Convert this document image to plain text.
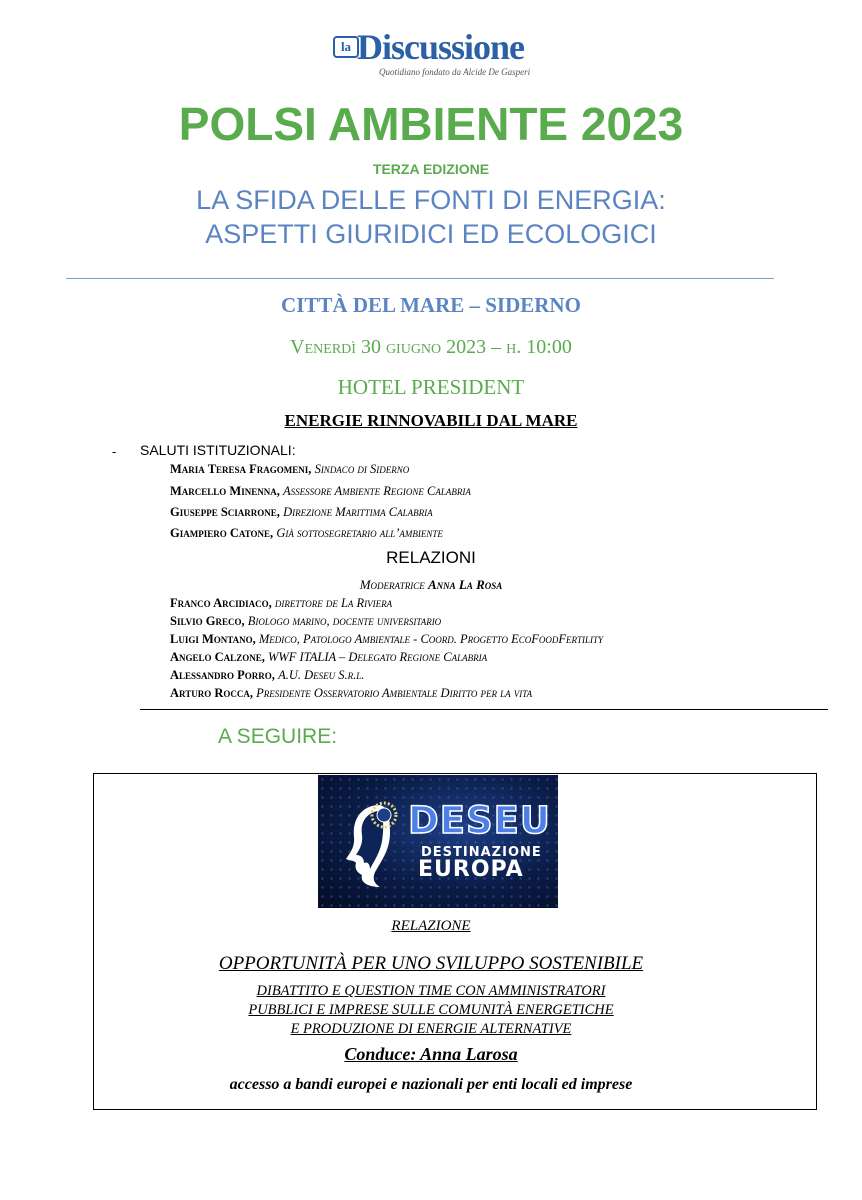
la Discussione
Quotidiano fondato da Alcide De Gasperi
POLSI AMBIENTE 2023
TERZA EDIZIONE
LA SFIDA DELLE FONTI DI ENERGIA:
ASPETTI GIURIDICI ED ECOLOGICI
CITTÀ DEL MARE – SIDERNO
Venerdì 30 giugno 2023 – h. 10:00
HOTEL PRESIDENT
ENERGIE RINNOVABILI DAL MARE
- SALUTI ISTITUZIONALI:
Maria Teresa Fragomeni, Sindaco di Siderno
Marcello Minenna, Assessore Ambiente Regione Calabria
Giuseppe Sciarrone, Direzione Marittima Calabria
Giampiero Catone, Già sottosegretario all’ambiente
RELAZIONI
Moderatrice Anna La Rosa
Franco Arcidiaco, direttore de La Riviera
Silvio Greco, Biologo marino, docente universitario
Luigi Montano, Medico, Patologo Ambientale - Coord. Progetto EcoFoodFertility
Angelo Calzone, WWF ITALIA – Delegato Regione Calabria
Alessandro Porro, A.U. Deseu S.r.l.
Arturo Rocca, Presidente Osservatorio Ambientale Diritto per la vita
A SEGUIRE:
DESEU
DESTINAZIONE
EUROPA
RELAZIONE
OPPORTUNITÀ PER UNO SVILUPPO SOSTENIBILE
DIBATTITO E QUESTION TIME CON AMMINISTRATORI
PUBBLICI E IMPRESE SULLE COMUNITÀ ENERGETICHE
E PRODUZIONE DI ENERGIE ALTERNATIVE
Conduce: Anna Larosa
accesso a bandi europei e nazionali per enti locali ed imprese
